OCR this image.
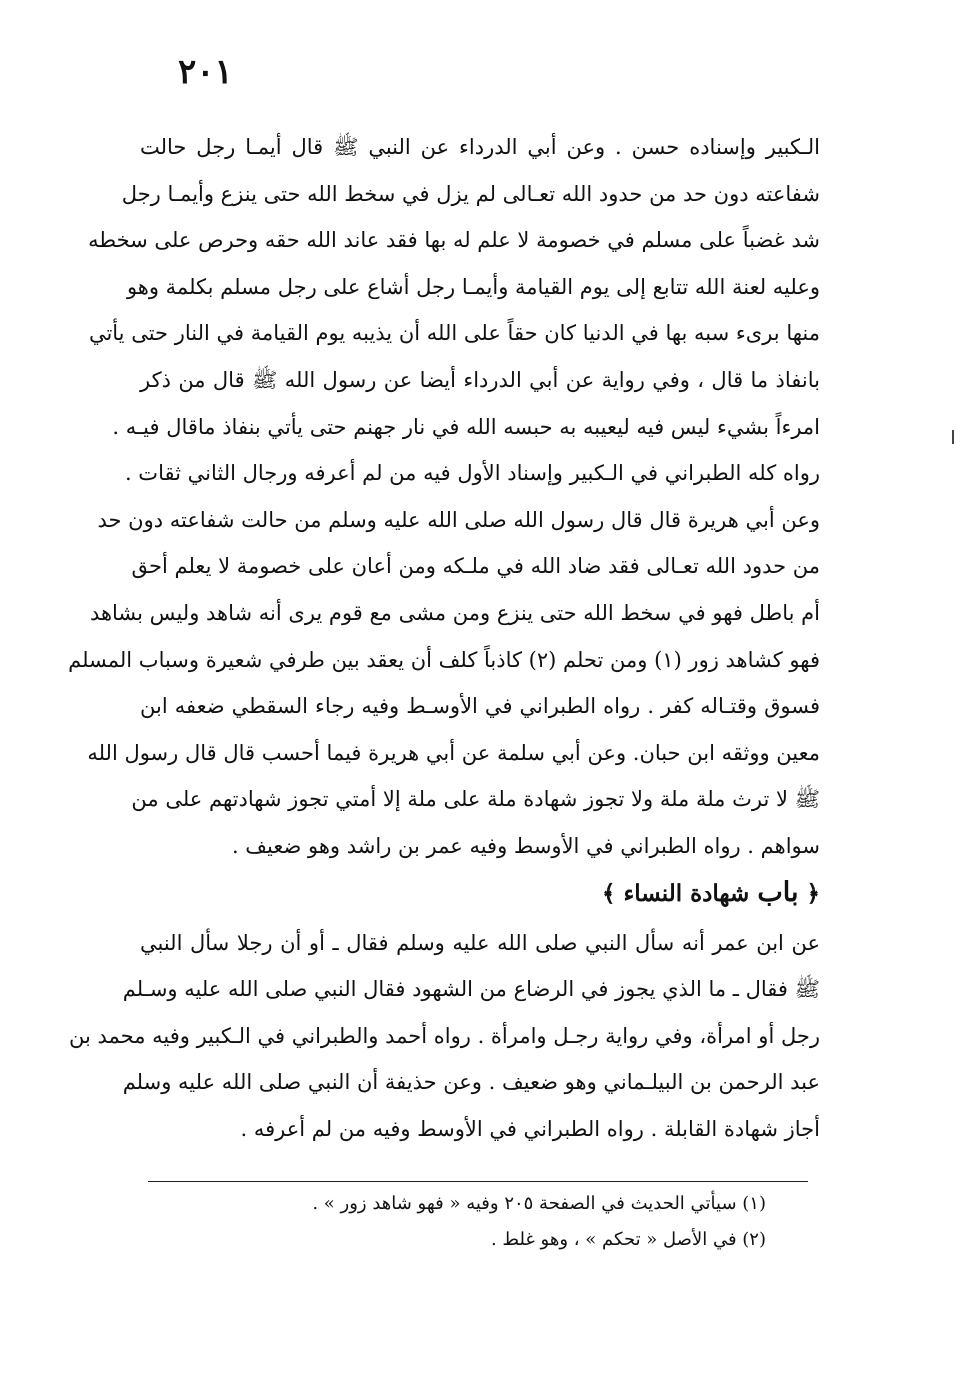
٢٠١
الـكبير وإسناده حسن . وعن أبي الدرداء عن النبي ﷺ قال أيمـا رجل حالت
شفاعته دون حد من حدود الله تعـالى لم يزل في سخط الله حتى ينزع وأيمـا رجل
شد غضباً على مسلم في خصومة لا علم له بها فقد عاند الله حقه وحرص على سخطه
وعليه لعنة الله تتابع إلى يوم القيامة وأيمـا رجل أشاع على رجل مسلم بكلمة وهو
منها برىء سبه بها في الدنيا كان حقاً على الله أن يذيبه يوم القيامة في النار حتى يأتي
بانفاذ ما قال ، وفي رواية عن أبي الدرداء أيضا عن رسول الله ﷺ قال من ذكر
امرءاً بشيء ليس فيه ليعيبه به حبسه الله في نار جهنم حتى يأتي بنفاذ ماقال فيـه .
رواه كله الطبراني في الـكبير وإسناد الأول فيه من لم أعرفه ورجال الثاني ثقات .
وعن أبي هريرة قال قال رسول الله صلى الله عليه وسلم من حالت شفاعته دون حد
من حدود الله تعـالى فقد ضاد الله في ملـكه ومن أعان على خصومة لا يعلم أحق
أم باطل فهو في سخط الله حتى ينزع ومن مشى مع قوم يرى أنه شاهد وليس بشاهد
فهو كشاهد زور (١) ومن تحلم (٢) كاذباً كلف أن يعقد بين طرفي شعيرة وسباب المسلم
فسوق وقتـاله كفر . رواه الطبراني في الأوسـط وفيه رجاء السقطي ضعفه ابن
معين ووثقه ابن حبان. وعن أبي سلمة عن أبي هريرة فيما أحسب قال قال رسول الله
ﷺ لا ترث ملة ملة ولا تجوز شهادة ملة على ملة إلا أمتي تجوز شهادتهم على من
سواهم . رواه الطبراني في الأوسط وفيه عمر بن راشد وهو ضعيف .
﴿ باب شهادة النساء ﴾
عن ابن عمر أنه سأل النبي صلى الله عليه وسلم فقال ـ أو أن رجلا سأل النبي
ﷺ فقال ـ ما الذي يجوز في الرضاع من الشهود فقال النبي صلى الله عليه وسـلم
رجل أو امرأة، وفي رواية رجـل وامرأة . رواه أحمد والطبراني في الـكبير وفيه محمد بن
عبد الرحمن بن البيلـماني وهو ضعيف . وعن حذيفة أن النبي صلى الله عليه وسلم
أجاز شهادة القابلة . رواه الطبراني في الأوسط وفيه من لم أعرفه .
(١) سيأتي الحديث في الصفحة ٢٠٥ وفيه « فهو شاهد زور » .
(٢) في الأصل « تحكم » ، وهو غلط .
